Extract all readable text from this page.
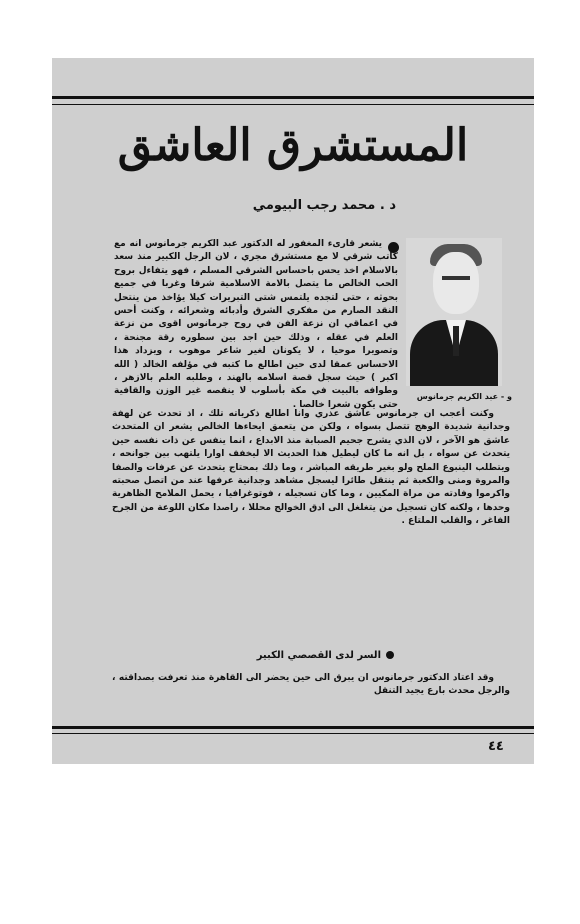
المستشرق العاشق
د . محمد رجب البيومي
و - عبد الكريم جرمانوس
يشعر قارىء المغفور له الدكتور عبد الكريم جرمانوس انه مع كاتب شرقي لا مع مستشرق مجري ، لان الرجل الكبير منذ سعد بالاسلام اخذ يحس باحساس الشرقي المسلم ، فهو يتفاءل بروح الحب الخالص ما يتصل بالامة الاسلامية شرقا وغربا في جميع بحوثه ، حتى لتجده يلتمس شتى التبريرات كيلا يؤاخذ من ينتحل النقد الصارم من مفكري الشرق وأدبائه وشعرائه ، وكنت أحس في اعماقي ان نزعة الفن في روح جرمانوس اقوى من نزعة العلم في عقله ، وذلك حين اجد بين سطوره رقة مجنحة ، وتصويرا موحيا ، لا يكونان لغير شاعر موهوب ، ويزداد هذا الاحساس عمقا لدى حين اطالع ما كتبه في مؤلفه الخالد ( الله اكبر ) حيث سجل قصة اسلامه بالهند ، وطلبه العلم بالازهر ، وطوافه بالبيت في مكة بأسلوب لا ينقصه غير الوزن والقافية حتى يكون شعرا خالصا .
وكنت أعجب ان جرمانوس عاشق عذري وانا اطالع ذكرياته تلك ، اذ تحدث عن لهفة وجدانية شديدة الوهج تتصل بسواه ، ولكن من يتعمق ايحاءها الخالص يشعر ان المتحدث عاشق هو الآخر ، لان الذي يشرح جحيم الصبابة منذ الابداع ، انما ينفس عن ذات نفسه حين يتحدث عن سواه ، بل انه ما كان ليطيل هذا الحديث الا ليخفف اوارا يلتهب بين جوانحه ، ويتطلب الينبوع الملح ولو بغير طريقه المباشر ، وما ذلك بمحتاج يتحدث عن عرفات والصفا والمروة ومنى والكعبة ثم ينتقل طائرا ليسجل مشاهد وجدانية عرفها عند من اتصل صحبته واكرموا وفادته من مراة المكيين ، وما كان تسجيله ، فوتوغرافيا ، يحمل الملامح الظاهرية وحدها ، ولكنه كان تسجيل من يتغلغل الى ادق الخوالج محللا ، راصدا مكان اللوعة من الجرح الفاغر ، والقلب الملتاع .
السر لدى القصصي الكبير
وقد اعتاد الدكتور جرمانوس ان يبرق الى حين يحضر الى القاهرة منذ تعرفت بصداقته ، والرجل محدث بارع يجيد التنقل
٤٤
